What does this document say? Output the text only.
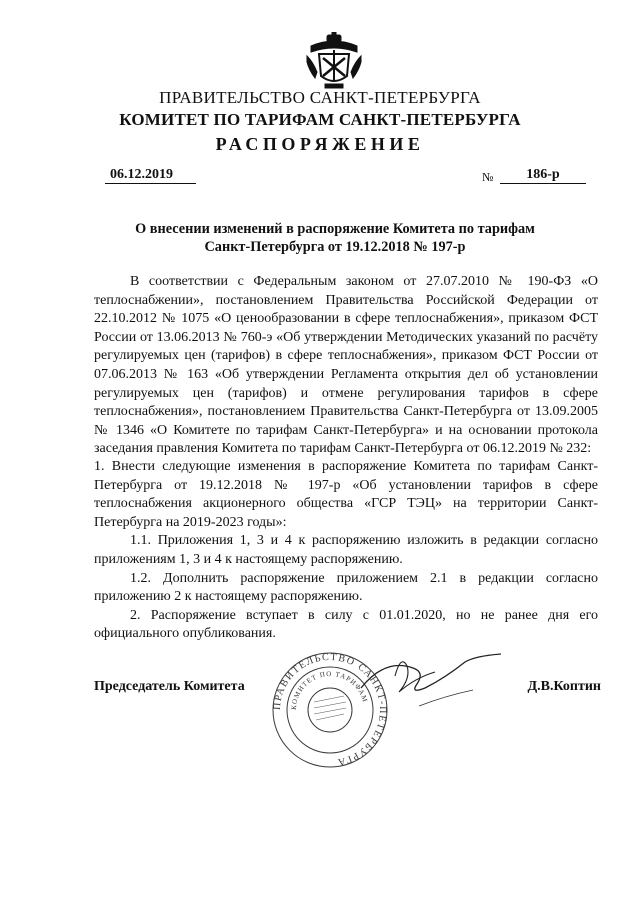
ПРАВИТЕЛЬСТВО САНКТ-ПЕТЕРБУРГА
КОМИТЕТ ПО ТАРИФАМ САНКТ-ПЕТЕРБУРГА
РАСПОРЯЖЕНИЕ
06.12.2019	№	186-р
О внесении изменений в распоряжение Комитета по тарифам
Санкт-Петербурга от 19.12.2018 № 197-р
В соответствии с Федеральным законом от 27.07.2010 № 190-ФЗ «О теплоснабжении», постановлением Правительства Российской Федерации от 22.10.2012 № 1075 «О ценообразовании в сфере теплоснабжения», приказом ФСТ России от 13.06.2013 № 760-э «Об утверждении Методических указаний по расчёту регулируемых цен (тарифов) в сфере теплоснабжения», приказом ФСТ России от 07.06.2013 № 163 «Об утверждении Регламента открытия дел об установлении регулируемых цен (тарифов) и отмене регулирования тарифов в сфере теплоснабжения», постановлением Правительства Санкт-Петербурга от 13.09.2005 № 1346 «О Комитете по тарифам Санкт-Петербурга» и на основании протокола заседания правления Комитета по тарифам Санкт-Петербурга от 06.12.2019 № 232:

1. Внести следующие изменения в распоряжение Комитета по тарифам Санкт-Петербурга от 19.12.2018 № 197-р «Об установлении тарифов в сфере теплоснабжения акционерного общества «ГСР ТЭЦ» на территории Санкт-Петербурга на 2019-2023 годы»:

1.1. Приложения 1, 3 и 4 к распоряжению изложить в редакции согласно приложениям 1, 3 и 4 к настоящему распоряжению.

1.2. Дополнить распоряжение приложением 2.1 в редакции согласно приложению 2 к настоящему распоряжению.

2. Распоряжение вступает в силу с 01.01.2020, но не ранее дня его официального опубликования.

ПРАВИТЕЛЬСТВО САНКТ-ПЕТЕРБУРГА
КОМИТЕТ ПО ТАРИФАМ
Председатель Комитета	Д.В.Коптин
